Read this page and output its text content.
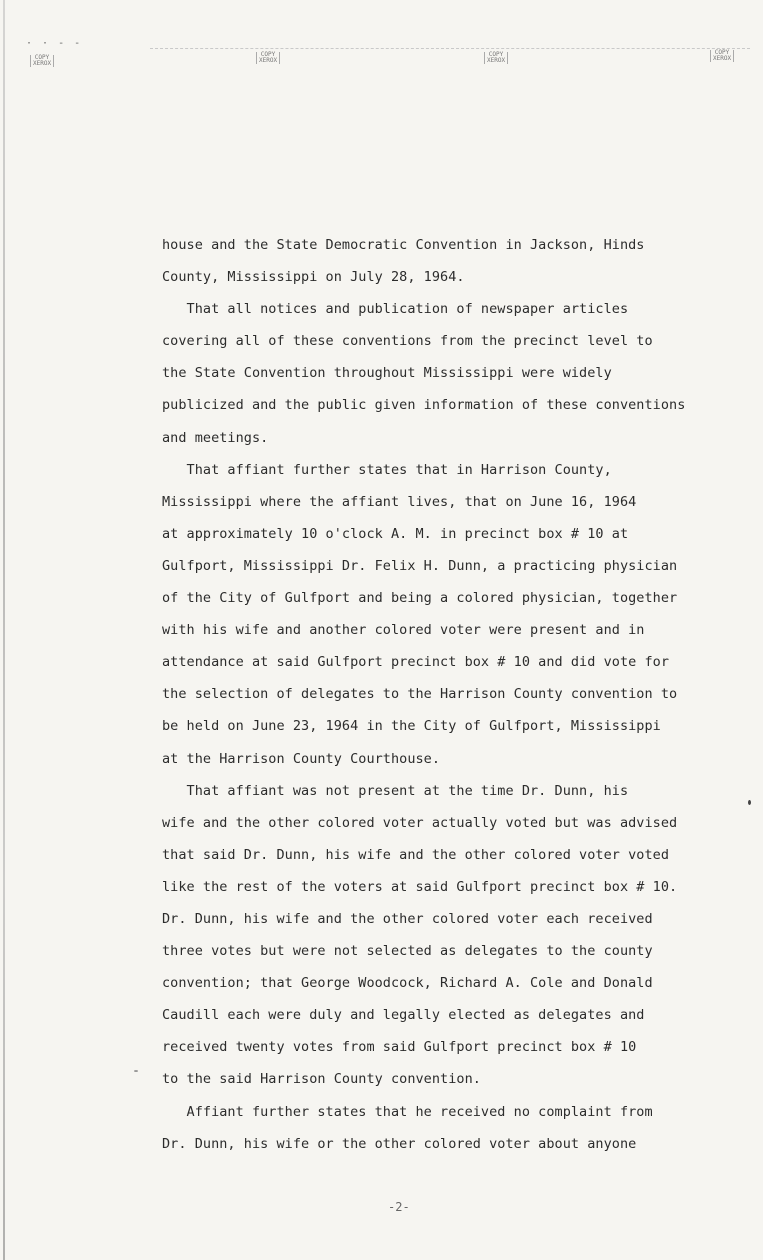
· · - -
COPY
XEROX
COPY
XEROX
COPY
XEROX
COPY
XEROX
house and the State Democratic Convention in Jackson, Hinds
County, Mississippi on July 28, 1964.
That all notices and publication of newspaper articles
covering all of these conventions from the precinct level to
the State Convention throughout Mississippi were widely
publicized and the public given information of these conventions
and meetings.
That affiant further states that in Harrison County,
Mississippi where the affiant lives, that on June 16, 1964
at approximately 10 o'clock A. M. in precinct box # 10 at
Gulfport, Mississippi Dr. Felix H. Dunn, a practicing physician
of the City of Gulfport and being a colored physician, together
with his wife and another colored voter were present and in
attendance at said Gulfport precinct box # 10 and did vote for
the selection of delegates to the Harrison County convention to
be held on June 23, 1964 in the City of Gulfport, Mississippi
at the Harrison County Courthouse.
That affiant was not present at the time Dr. Dunn, his
wife and the other colored voter actually voted but was advised
that said Dr. Dunn, his wife and the other colored voter voted
like the rest of the voters at said Gulfport precinct box # 10.
Dr. Dunn, his wife and the other colored voter each received
three votes but were not selected as delegates to the county
convention; that George Woodcock, Richard A. Cole and Donald
Caudill each were duly and legally elected as delegates and
received twenty votes from said Gulfport precinct box # 10
to the said Harrison County convention.
Affiant further states that he received no complaint from
Dr. Dunn, his wife or the other colored voter about anyone
-2-
